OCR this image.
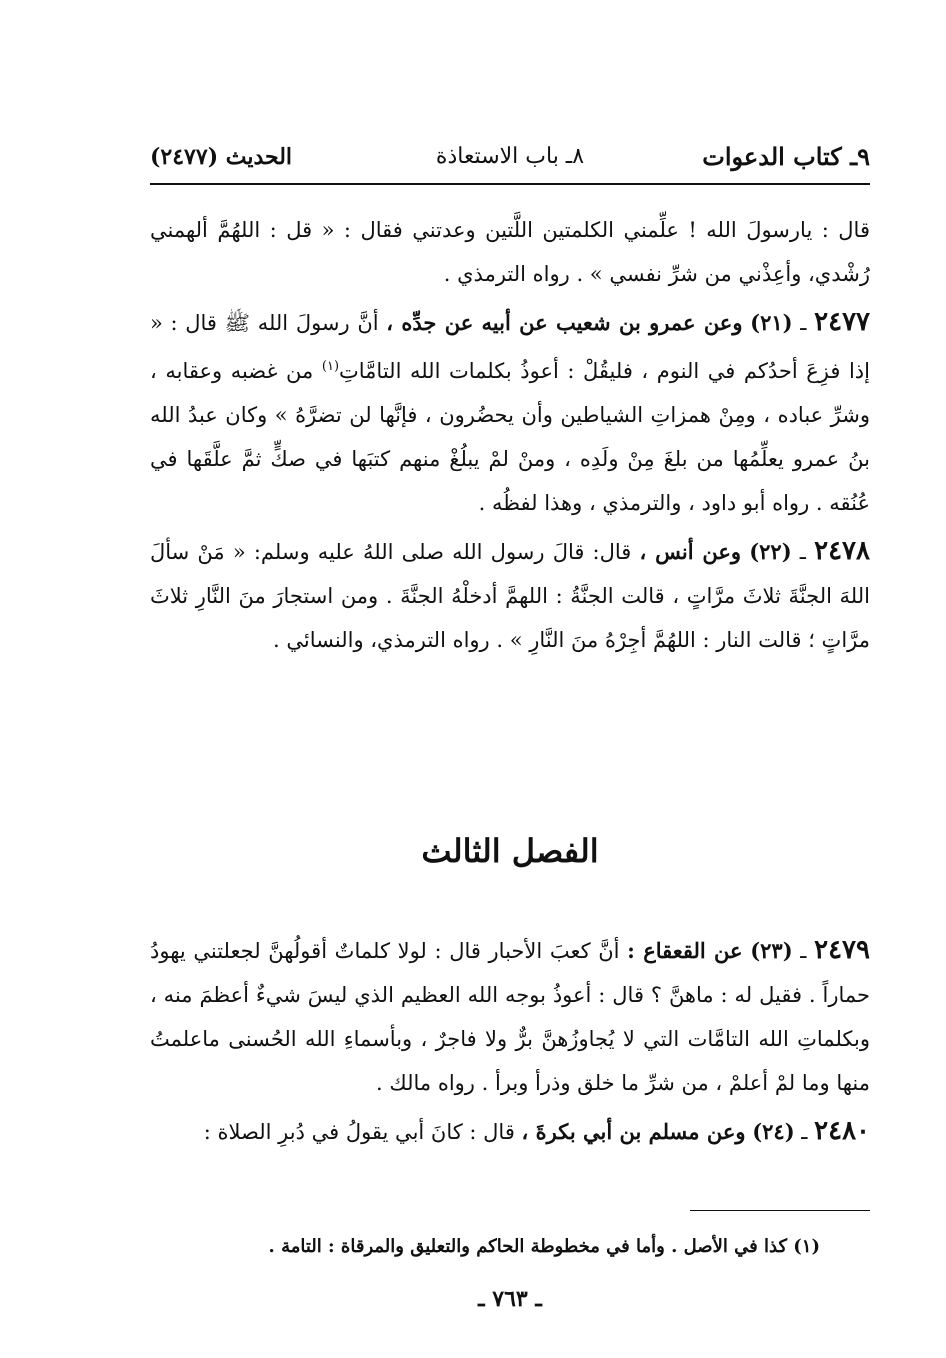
٩ـ كتاب الدعوات
٨ـ باب الاستعاذة
الحديث (٢٤٧٧)

قال : يارسولَ الله ! علِّمني الكلمتين اللَّتين وعدتني فقال : « قل : اللهُمَّ ألهمني رُشْدي، وأعِذْني من شرِّ نفسي » . رواه الترمذي .

٢٤٧٧ ـ (٢١) وعن عمرو بن شعيب عن أبيه عن جدِّه ، أنَّ رسولَ الله ﷺ قال : « إذا فزِعَ أحدُكم في النوم ، فليقُلْ : أعوذُ بكلمات الله التامَّاتِ$^{(١)}$ من غضبه وعقابه ، وشرِّ عباده ، ومِنْ همزاتِ الشياطين وأن يحضُرون ، فإنَّها لن تضرَّهُ » وكان عبدُ الله بنُ عمرو يعلِّمُها من بلغَ مِنْ ولَدِه ، ومنْ لمْ يبلُغْ منهم كتبَها في صكٍّ ثمَّ علَّقَها في عُنُقه . رواه أبو داود ، والترمذي ، وهذا لفظُه .

٢٤٧٨ ـ (٢٢) وعن أنس ، قال: قالَ رسول الله صلى اللهُ عليه وسلم: « مَنْ سألَ اللهَ الجنَّةَ ثلاثَ مرَّاتٍ ، قالت الجنَّةُ : اللهمَّ أدخلْهُ الجنَّةَ . ومن استجارَ منَ النَّارِ ثلاثَ مرَّاتٍ ؛ قالت النار : اللهُمَّ أجِرْهُ منَ النَّارِ » . رواه الترمذي، والنسائي .

الفصل الثالث

٢٤٧٩ ـ (٢٣) عن القعقاع : أنَّ كعبَ الأحبار قال : لولا كلماتٌ أقولُهنَّ لجعلتني يهودُ حماراً . فقيل له : ماهنَّ ؟ قال : أعوذُ بوجه الله العظيم الذي ليسَ شيءٌ أعظمَ منه ، وبكلماتِ الله التامَّات التي لا يُجاوزُهنَّ برٌّ ولا فاجرٌ ، وبأسماءِ الله الحُسنى ماعلمتُ منها وما لمْ أعلمْ ، من شرِّ ما خلق وذرأ وبرأ . رواه مالك .

٢٤٨٠ ـ (٢٤) وعن مسلم بن أبي بكرةَ ، قال : كانَ أبي يقولُ في دُبرِ الصلاة :

(١) كذا في الأصل . وأما في مخطوطة الحاكم والتعليق والمرقاة : التامة .
ـ ٧٦٣ ـ
